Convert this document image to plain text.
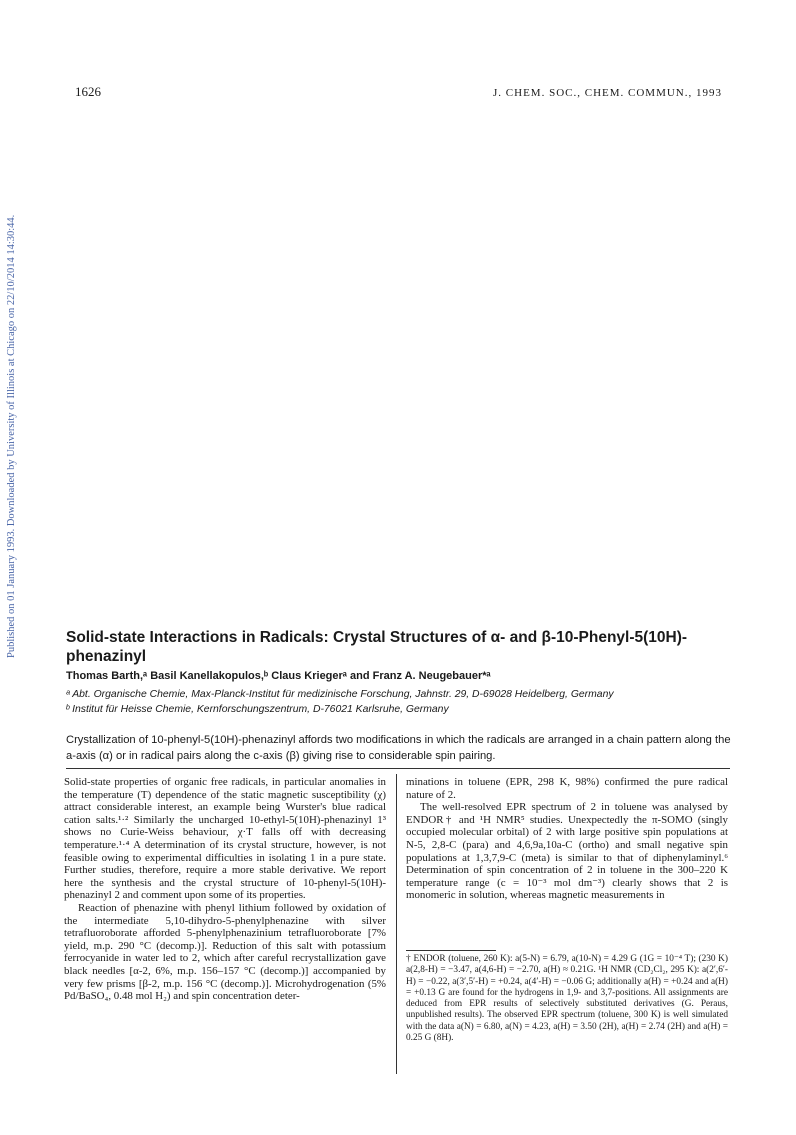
1626	J. CHEM. SOC., CHEM. COMMUN., 1993
Published on 01 January 1993. Downloaded by University of Illinois at Chicago on 22/10/2014 14:30:44.	Solid-state Interactions in Radicals: Crystal Structures of α- and β-10-Phenyl-5(10H)-phenazinyl
Thomas Barth,ᵃ Basil Kanellakopulos,ᵇ Claus Kriegerᵃ and Franz A. Neugebauer*ᵃ
ᵃ Abt. Organische Chemie, Max-Planck-Institut für medizinische Forschung, Jahnstr. 29, D-69028 Heidelberg, Germany
ᵇ Institut für Heisse Chemie, Kernforschungszentrum, D-76021 Karlsruhe, Germany
Crystallization of 10-phenyl-5(10H)-phenazinyl affords two modifications in which the radicals are arranged in a chain pattern along the a-axis (α) or in radical pairs along the c-axis (β) giving rise to considerable spin pairing.

Solid-state properties of organic free radicals, in particular anomalies in the temperature (T) dependence of the static magnetic susceptibility (χ) attract considerable interest, an example being Wurster's blue radical cation salts.¹·² Similarly the uncharged 10-ethyl-5(10H)-phenazinyl 1³ shows no Curie-Weiss behaviour, χ·T falls off with decreasing temperature.¹·⁴ A determination of its crystal structure, however, is not feasible owing to experimental difficulties in isolating 1 in a pure state. Further studies, therefore, require a more stable derivative. We report here the synthesis and the crystal structure of 10-phenyl-5(10H)-phenazinyl 2 and comment upon some of its properties.

Reaction of phenazine with phenyl lithium followed by oxidation of the intermediate 5,10-dihydro-5-phenylphenazine with silver tetrafluoroborate afforded 5-phenylphenazinium tetrafluoroborate [7% yield, m.p. 290 °C (decomp.)]. Reduction of this salt with potassium ferrocyanide in water led to 2, which after careful recrystallization gave black needles [α-2, 6%, m.p. 156–157 °C (decomp.)] accompanied by very few prisms [β-2, m.p. 156 °C (decomp.)]. Microhydrogenation (5% Pd/BaSO₄, 0.48 mol H₂) and spin concentration deter-

minations in toluene (EPR, 298 K, 98%) confirmed the pure radical nature of 2.

The well-resolved EPR spectrum of 2 in toluene was analysed by ENDOR† and ¹H NMR⁵ studies. Unexpectedly the π-SOMO (singly occupied molecular orbital) of 2 with large positive spin populations at N-5, 2,8-C (para) and 4,6,9a,10a-C (ortho) and small negative spin populations at 1,3,7,9-C (meta) is similar to that of diphenylaminyl.⁶ Determination of spin concentration of 2 in toluene in the 300–220 K temperature range (c = 10⁻³ mol dm⁻³) clearly shows that 2 is monomeric in solution, whereas magnetic measurements in

† ENDOR (toluene, 260 K): a(5-N) = 6.79, a(10-N) = 4.29 G (1G = 10⁻⁴ T); (230 K) a(2,8-H) = −3.47, a(4,6-H) = −2.70, a(H) ≈ 0.21G. ¹H NMR (CD₂Cl₂, 295 K): a(2′,6′-H) = −0.22, a(3′,5′-H) = +0.24, a(4′-H) = −0.06 G; additionally a(H) = +0.24 and a(H) = +0.13 G are found for the hydrogens in 1,9- and 3,7-positions. All assignments are deduced from EPR results of selectively substituted derivatives (G. Peraus, unpublished results). The observed EPR spectrum (toluene, 300 K) is well simulated with the data a(N) = 6.80, a(N) = 4.23, a(H) = 3.50 (2H), a(H) = 2.74 (2H) and a(H) = 0.25 G (8H).
